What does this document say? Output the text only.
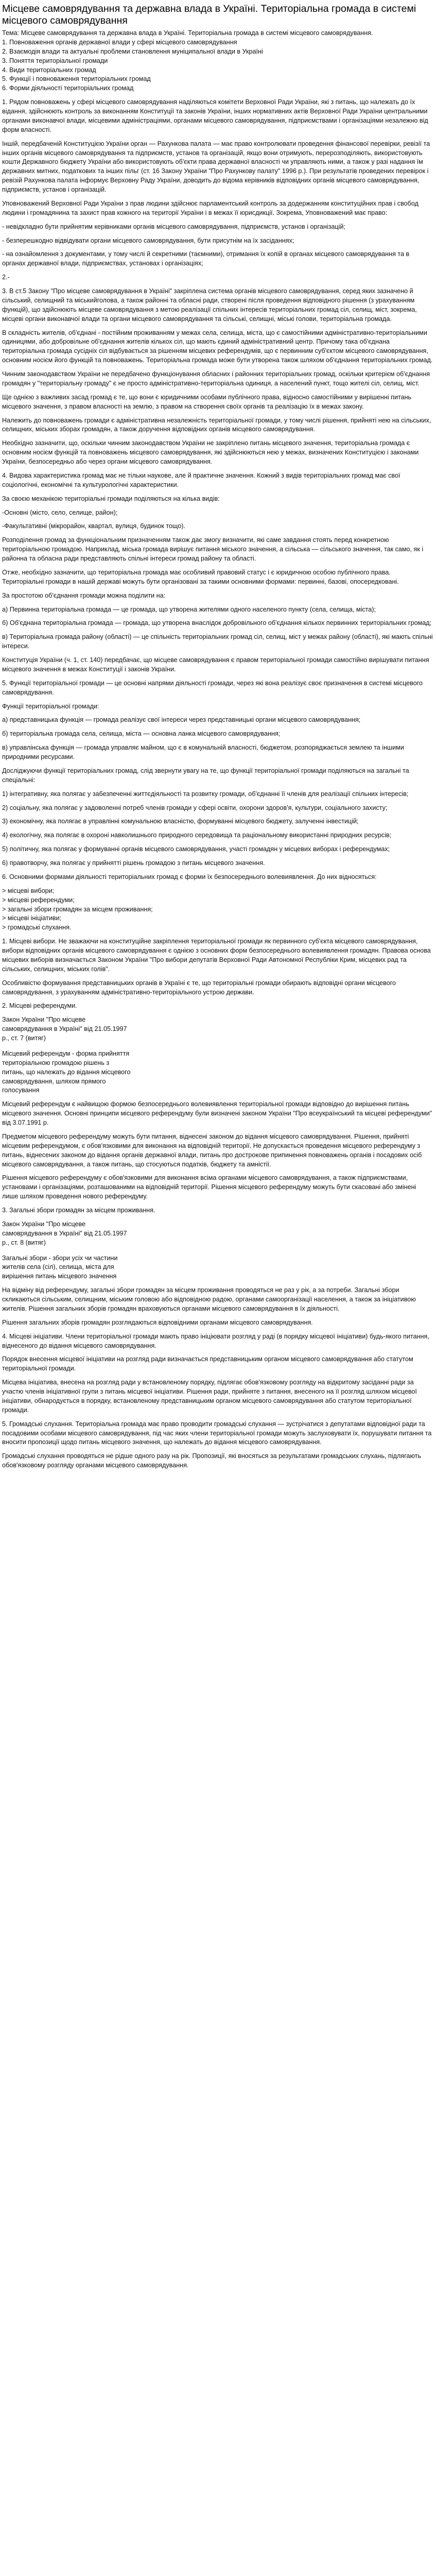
Місцеве самоврядування та державна влада в Україні. Територіальна громада в системі місцевого самоврядування
Тема: Місцеве самоврядування та державна влада в Україні. Територіальна громада в системі місцевого самоврядування.
1. Повноваження органів державної влади у сфері місцевого самоврядування
2. Взаємодія влади та актуальні проблеми становлення муніципальної влади в Україні
3. Поняття територіальної громади
4. Види територіальних громад
5. Функції і повноваження територіальних громад
6. Форми діяльності територіальних громад

1. Рядом повноважень у сфері місцевого самоврядування наділяються комітети Верховної Ради України, які з питань, що належать до їх відання, здійснюють контроль за виконанням Конституції та законів України, інших нормативних актів Верховної Ради України центральними органами виконавчої влади, місцевими адміністраціями, органами місцевого самоврядування, підприємствами і організаціями незалежно від форм власності.

Іншій, передбаченій Конституцією України орган — Рахункова палата — має право контролювати проведення фінансової перевірки, ревізії та інших органів місцевого самоврядування та підприємств, установ та організацій, якщо вони отримують, перерозподіляють, використовують кошти Державного бюджету України або використовують об'єкти права державної власності чи управляють ними, а також у разі надання їм державних митних, податкових та інших пільг (ст. 16 Закону України "Про Рахункову палату" 1996 р.). При результатів проведених перевірок і ревізій Рахункова палата інформує Верховну Раду України, доводить до відома керівників відповідних органів місцевого самоврядування, підприємств, установ і організацій.

Уповноважений Верховної Ради України з прав людини здійснює парламентський контроль за додержанням конституційних прав і свобод людини і громадянина та захист прав кожного на території України і в межах її юрисдикції. Зокрема, Уповноважений має право:

- невідкладно бути прийнятим керівниками органів місцевого самоврядування, підприємств, установ і організацій;

- безперешкодно відвідувати органи місцевого самоврядування, бути присутнім на їх засіданнях;

- на ознайомлення з документами, у тому числі й секретними (таємними), отримання їх копій в органах місцевого самоврядування та в органах державної влади, підприємствах, установах і організаціях;

2.-

3. В ст.5 Закону "Про місцеве самоврядування в Україні" закріплена система органів місцевого самоврядування, серед яких зазначено й сільський, селищний та міськийголова, а також районні та обласні ради, створені після проведення відповідного рішення (з урахуванням функцій), що здійснюють місцеве самоврядування з метою реалізації спільних інтересів територіальних громад сіл, селищ, міст, зокрема, місцеві органи виконавчої влади та органи місцевого самоврядування та сільські, селищні, міські голови, територіальна громада.

В складність жителів, об'єднані - постійним проживанням у межах села, селища, міста, що є самостійними адміністративно-територіальними одиницями, або добровільне об'єднання жителів кількох сіл, що мають єдиний адміністративний центр. Причому така об'єднана територіальна громада сусідніх сіл відбувається за рішенням місцевих референдумів, що є первинним суб'єктом місцевого самоврядування, основним носієм його функцій та повноважень. Територіальна громада може бути утворена також шляхом об'єднання територіальних громад.

Чинним законодавством України не передбачено функціонування обласних і районних територіальних громад, оскільки критерієм об'єднання громадян у "територіальну громаду" є не просто адміністративно-територіальна одиниця, а населений пункт, тощо жителі сіл, селищ, міст.

Ще однією з важливих засад громад є те, що вони є юридичними особами публічного права, відносно самостійними у вирішенні питань місцевого значення, з правом власності на землю, з правом на створення своїх органів та реалізацію їх в межах закону.

Належить до повноважень громади є адміністративна незалежність територіальної громади, у тому числі рішення, прийняті нею на сільських, селищних, міських зборах громадян, а також доручення відповідних органів місцевого самоврядування.

Необхідно зазначити, що, оскільки чинним законодавством України не закріплено питань місцевого значення, територіальна громада є основним носієм функцій та повноважень місцевого самоврядування, які здійснюються нею у межах, визначених Конституцією і законами України, безпосередньо або через органи місцевого самоврядування.

4. Видова характеристика громад має не тільки наукове, але й практичне значення. Кожний з видів територіальних громад має свої соціологічні, економічні та культурологічні характеристики.

За своєю механікою територіальні громади поділяються на кілька видів:

-Основні (місто, село, селище, район);

-Факультативні (мікрорайон, квартал, вулиця, будинок тощо).

Розподілення громад за функціональним призначенням також дає змогу визначити, які саме завдання стоять перед конкретною територіальною громадою. Наприклад, міська громада вирішує питання міського значення, а сільська — сільського значення, так само, як і районна та обласна ради представляють спільні інтереси громад району та області.

Отже, необхідно зазначити, що територіальна громада має особливий правовий статус і є юридичною особою публічного права. Територіальні громади в нашій державі можуть бути організовані за такими основними формами: первинні, базові, опосередковані.

За простотою об'єднання громади можна поділити на:

а) Первинна територіальна громада — це громада, що утворена жителями одного населеного пункту (села, селища, міста);

б) Об'єднана територіальна громада — громада, що утворена внаслідок добровільного об'єднання кількох первинних територіальних громад;

в) Територіальна громада району (області) — це спільність територіальних громад сіл, селищ, міст у межах району (області), які мають спільні інтереси.

Конституція України (ч. 1, ст. 140) передбачає, що місцеве самоврядування є правом територіальної громади самостійно вирішувати питання місцевого значення в межах Конституції і законів України.

5. Функції територіальної громади — це основні напрями діяльності громади, через які вона реалізує своє призначення в системі місцевого самоврядування.

Функції територіальної громади:

а) представницька функція — громада реалізує свої інтереси через представницькі органи місцевого самоврядування;

б) територіальна громада села, селища, міста — основна ланка місцевого самоврядування;

в) управлінська функція — громада управляє майном, що є в комунальній власності, бюджетом, розпоряджається землею та іншими природними ресурсами.

Досліджуючи функції територіальних громад, слід звернути увагу на те, що функції територіальної громади поділяються на загальні та спеціальні:

1) інтегративну, яка полягає у забезпеченні життєдіяльності та розвитку громади, об'єднанні її членів для реалізації спільних інтересів;

2) соціальну, яка полягає у задоволенні потреб членів громади у сфері освіти, охорони здоров'я, культури, соціального захисту;

3) економічну, яка полягає в управлінні комунальною власністю, формуванні місцевого бюджету, залученні інвестицій;

4) екологічну, яка полягає в охороні навколишнього природного середовища та раціональному використанні природних ресурсів;

5) політичну, яка полягає у формуванні органів місцевого самоврядування, участі громадян у місцевих виборах і референдумах;

6) правотворчу, яка полягає у прийнятті рішень громадою з питань місцевого значення.

6. Основними формами діяльності територіальних громад є форми їх безпосереднього волевиявлення. До них відносяться:

> місцеві вибори;
> місцеві референдуми;
> загальні збори громадян за місцем проживання;
> місцеві ініціативи;
> громадські слухання.

1. Місцеві вибори. Не зважаючи на конституційне закріплення територіальної громади як первинного суб'єкта місцевого самоврядування, вибори відповідних органів місцевого самоврядування є однією з основних форм безпосереднього волевиявлення громадян. Правова основа місцевих виборів визначається Законом України "Про вибори депутатів Верховної Ради Автономної Республіки Крим, місцевих рад та сільських, селищних, міських голів".

Особливістю формування представницьких органів в Україні є те, що територіальні громади обирають відповідні органи місцевого самоврядування, з урахуванням адміністративно-територіального устрою держави.

2. Місцеві референдуми.

Закон України "Про місцеве самоврядування в Україні" від 21.05.1997 р., ст. 7 (витяг)
Місцевий референдум - форма прийняття територіальною громадою рішень з питань, що належать до відання місцевого самоврядування, шляхом прямого голосування

Місцевий референдум є найвищою формою безпосереднього волевиявлення територіальної громади відповідно до вирішення питань місцевого значення. Основні принципи місцевого референдуму були визначені законом України "Про всеукраїнський та місцеві референдуми" від 3.07.1991 р.

Предметом місцевого референдуму можуть бути питання, віднесені законом до відання місцевого самоврядування. Рішення, прийняті місцевим референдумом, є обов'язковими для виконання на відповідній території. Не допускається проведення місцевого референдуму з питань, віднесених законом до відання органів державної влади, питань про дострокове припинення повноважень органів і посадових осіб місцевого самоврядування, а також питань, що стосуються податків, бюджету та амністії.

Рішення місцевого референдуму є обов'язковими для виконання всіма органами місцевого самоврядування, а також підприємствами, установами і організаціями, розташованими на відповідній території. Рішення місцевого референдуму можуть бути скасовані або змінені лише шляхом проведення нового референдуму.

3. Загальні збори громадян за місцем проживання.

Закон України "Про місцеве самоврядування в Україні" від 21.05.1997 р., ст. 8 (витяг)
Загальні збори - збори усіх чи частини жителів села (сіл), селища, міста для вирішення питань місцевого значення

На відміну від референдуму, загальні збори громадян за місцем проживання проводяться не раз у рік, а за потреби. Загальні збори скликаються сільським, селищним, міським головою або відповідною радою, органами самоорганізації населення, а також за ініціативою жителів. Рішення загальних зборів громадян враховуються органами місцевого самоврядування в їх діяльності.

Рішення загальних зборів громадян розглядаються відповідними органами місцевого самоврядування.

4. Місцеві ініціативи. Члени територіальної громади мають право ініціювати розгляд у раді (в порядку місцевої ініціативи) будь-якого питання, віднесеного до відання місцевого самоврядування.

Порядок внесення місцевої ініціативи на розгляд ради визначається представницьким органом місцевого самоврядування або статутом територіальної громади.

Місцева ініціатива, внесена на розгляд ради у встановленому порядку, підлягає обов'язковому розгляду на відкритому засіданні ради за участю членів ініціативної групи з питань місцевої ініціативи. Рішення ради, прийняте з питання, внесеного на її розгляд шляхом місцевої ініціативи, обнародується в порядку, встановленому представницьким органом місцевого самоврядування або статутом територіальної громади.

5. Громадські слухання. Територіальна громада має право проводити громадські слухання — зустрічатися з депутатами відповідної ради та посадовими особами місцевого самоврядування, під час яких члени територіальної громади можуть заслуховувати їх, порушувати питання та вносити пропозиції щодо питань місцевого значення, що належать до відання місцевого самоврядування.

Громадські слухання проводяться не рідше одного разу на рік. Пропозиції, які вносяться за результатами громадських слухань, підлягають обов'язковому розгляду органами місцевого самоврядування.
